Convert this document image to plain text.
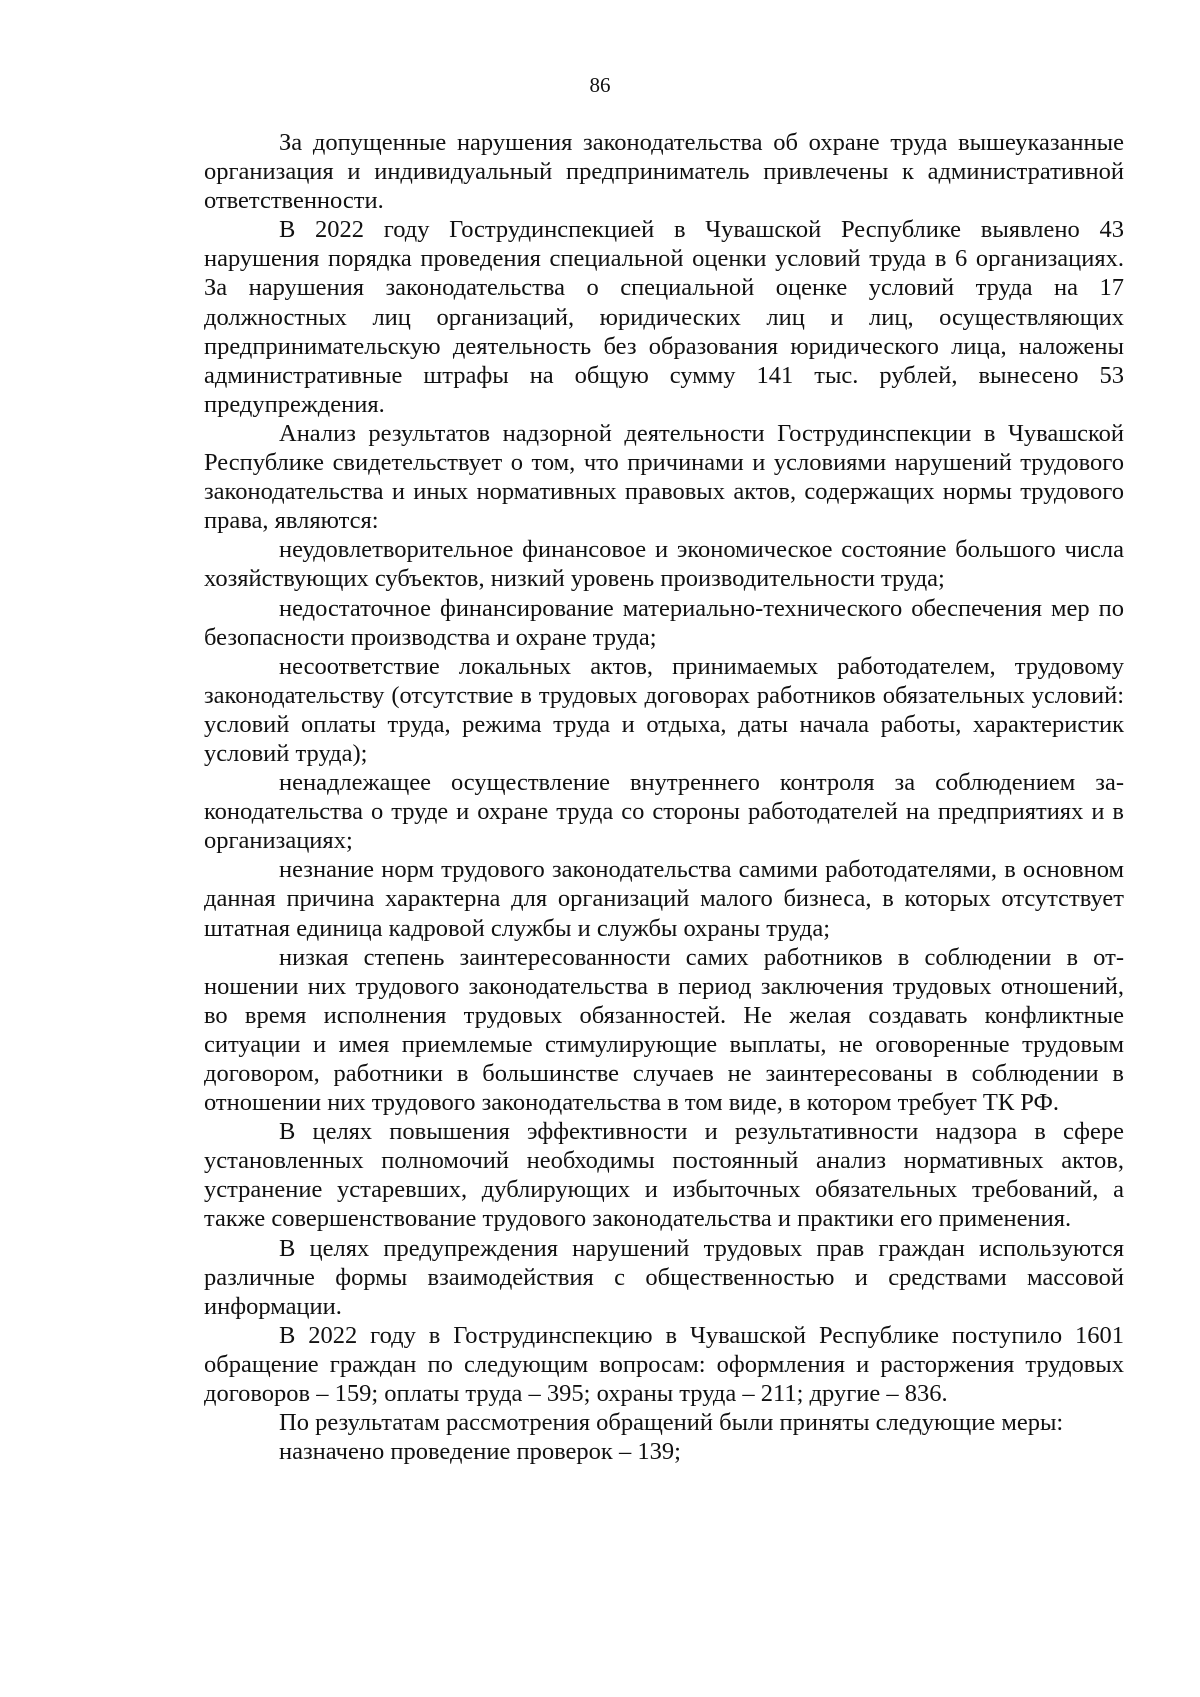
86

За допущенные нарушения законодательства об охране труда вышеуказанные организация и индивидуальный предприниматель привлечены к административной ответственности.

В 2022 году Гострудинспекцией в Чувашской Республике выявлено 43 нарушения порядка проведения специальной оценки условий труда в 6 организациях. За нарушения законодательства о специальной оценке условий труда на 17 должностных лиц организаций, юридических лиц и лиц, осуществляющих предпринимательскую деятельность без образования юридического лица, наложены административные штрафы на общую сумму 141 тыс. рублей, вынесено 53 предупреждения.

Анализ результатов надзорной деятельности Гострудинспекции в Чувашской Республике свидетельствует о том, что причинами и условиями нарушений трудового законодательства и иных нормативных правовых актов, содержащих нормы трудового права, являются:

неудовлетворительное финансовое и экономическое состояние большого числа хозяйствующих субъектов, низкий уровень производительности труда;

недостаточное финансирование материально-технического обеспечения мер по безопасности производства и охране труда;

несоответствие локальных актов, принимаемых работодателем, трудовому законодательству (отсутствие в трудовых договорах работников обязательных условий: условий оплаты труда, режима труда и отдыха, даты начала работы, характеристик условий труда);

ненадлежащее осуществление внутреннего контроля за соблюдением законодательства о труде и охране труда со стороны работодателей на предприятиях и в организациях;

незнание норм трудового законодательства самими работодателями, в основном данная причина характерна для организаций малого бизнеса, в которых отсутствует штатная единица кадровой службы и службы охраны труда;

низкая степень заинтересованности самих работников в соблюдении в отношении них трудового законодательства в период заключения трудовых отношений, во время исполнения трудовых обязанностей. Не желая создавать конфликтные ситуации и имея приемлемые стимулирующие выплаты, не оговоренные трудовым договором, работники в большинстве случаев не заинтересованы в соблюдении в отношении них трудового законодательства в том виде, в котором требует ТК РФ.

В целях повышения эффективности и результативности надзора в сфере установленных полномочий необходимы постоянный анализ нормативных актов, устранение устаревших, дублирующих и избыточных обязательных требований, а также совершенствование трудового законодательства и практики его применения.

В целях предупреждения нарушений трудовых прав граждан используются различные формы взаимодействия с общественностью и средствами массовой информации.

В 2022 году в Гострудинспекцию в Чувашской Республике поступило 1601 обращение граждан по следующим вопросам: оформления и расторжения трудовых договоров – 159; оплаты труда – 395; охраны труда – 211; другие – 836.

По результатам рассмотрения обращений были приняты следующие меры:

назначено проведение проверок – 139;
